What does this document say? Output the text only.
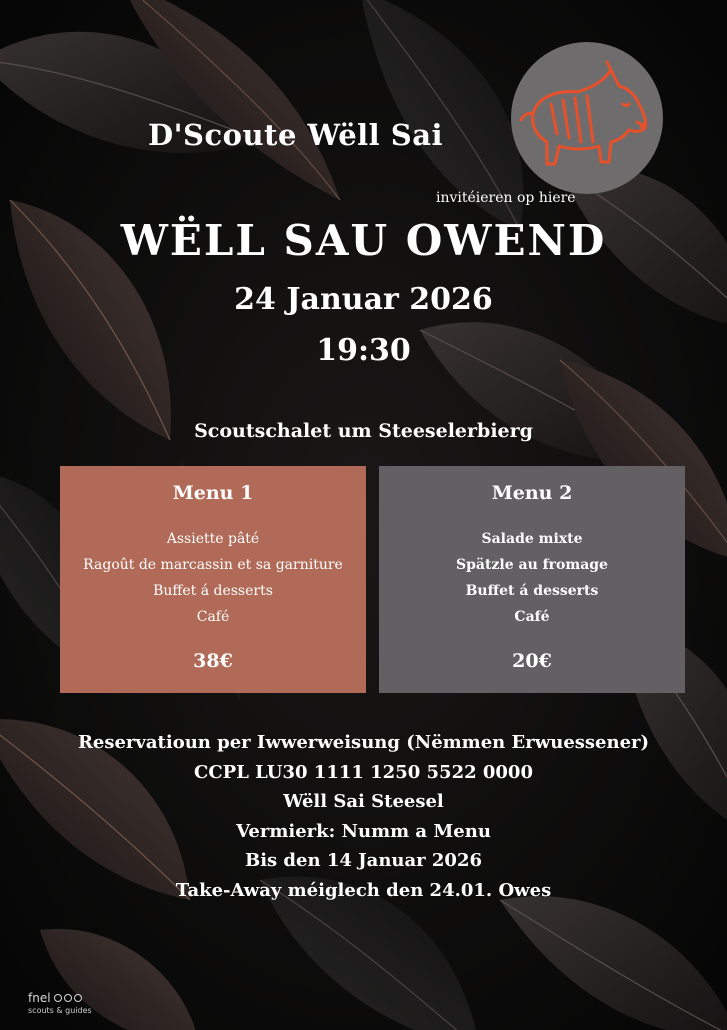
D'Scoute Wëll Sai
invitéieren op hiere
WËLL SAU OWEND
24 Januar 2026
19:30
Scoutschalet um Steeselerbierg
Menu 1
Assiette pâté
Ragoût de marcassin et sa garniture
Buffet á desserts
Café
38€
Menu 2
Salade mixte
Spätzle au fromage
Buffet á desserts
Café
20€
Reservatioun per Iwwerweisung (Nëmmen Erwuessener)
CCPL LU30 1111 1250 5522 0000
Wëll Sai Steesel
Vermierk: Numm a Menu
Bis den 14 Januar 2026
Take-Away méiglech den 24.01. Owes
fnel
scouts & guides
